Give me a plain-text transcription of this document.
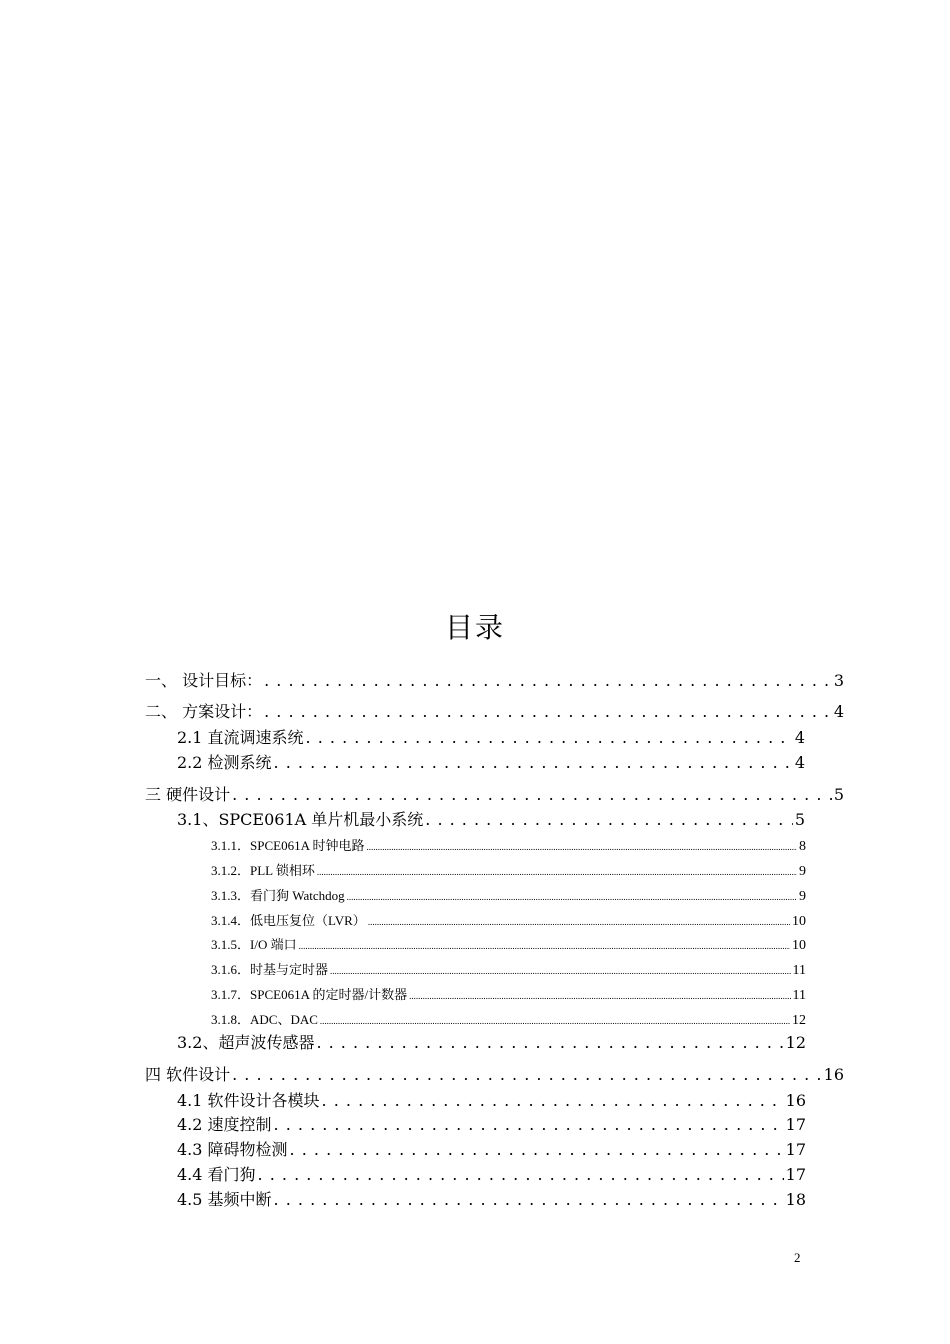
目录
一、 设计目标： . . .	3
二、 方案设计： . . .	4
2.1 直流调速系统 . . .	4
2.2 检测系统 . . .	4
三 硬件设计 . . .	5
3.1、SPCE061A 单片机最小系统 . . .	5
3.1.1．SPCE061A 时钟电路 .....	8
3.1.2．PLL 锁相环 .....	9
3.1.3．看门狗 Watchdog .....	9
3.1.4．低电压复位（LVR） .....	10
3.1.5．I/O 端口 .....	10
3.1.6．时基与定时器 .....	11
3.1.7．SPCE061A 的定时器/计数器 .....	11
3.1.8．ADC、DAC .....	12
3.2、超声波传感器 . . .	12
四 软件设计 . . .	16
4.1 软件设计各模块 . . .	16
4.2 速度控制 . . .	17
4.3 障碍物检测 . . .	17
4.4 看门狗 . . .	17
4.5 基频中断 . . .	18
2
